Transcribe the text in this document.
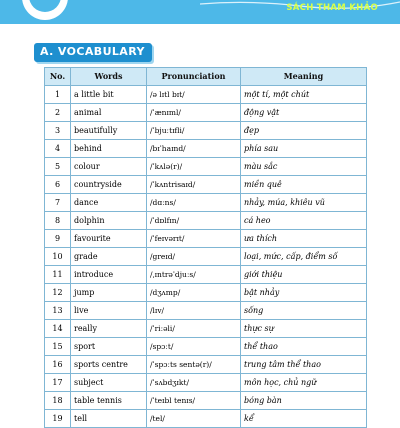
SÁCH THAM KHẢO
A. VOCABULARY
No.	Words	Pronunciation	Meaning
1	a little bit	/ə lɪtl bɪt/	một tí, một chút
2	animal	/ˈænɪml/	động vật
3	beautifully	/ˈbjuːtɪfli/	đẹp
4	behind	/bɪˈhaɪnd/	phía sau
5	colour	/ˈkʌlə(r)/	màu sắc
6	countryside	/ˈkʌntrisaɪd/	miền quê
7	dance	/dɑːns/	nhảy, múa, khiêu vũ
8	dolphin	/ˈdɒlfɪn/	cá heo
9	favourite	/ˈfeɪvərɪt/	ưa thích
10	grade	/greɪd/	loại, mức, cấp, điểm số
11	introduce	/ˌɪntrəˈdjuːs/	giới thiệu
12	jump	/dʒʌmp/	bật nhảy
13	live	/lɪv/	sống
14	really	/ˈriːəli/	thực sự
15	sport	/spɔːt/	thể thao
16	sports centre	/ˈspɔːts sentə(r)/	trung tâm thể thao
17	subject	/ˈsʌbdʒɪkt/	môn học, chủ ngữ
18	table tennis	/ˈteɪbl tenɪs/	bóng bàn
19	tell	/tel/	kể
